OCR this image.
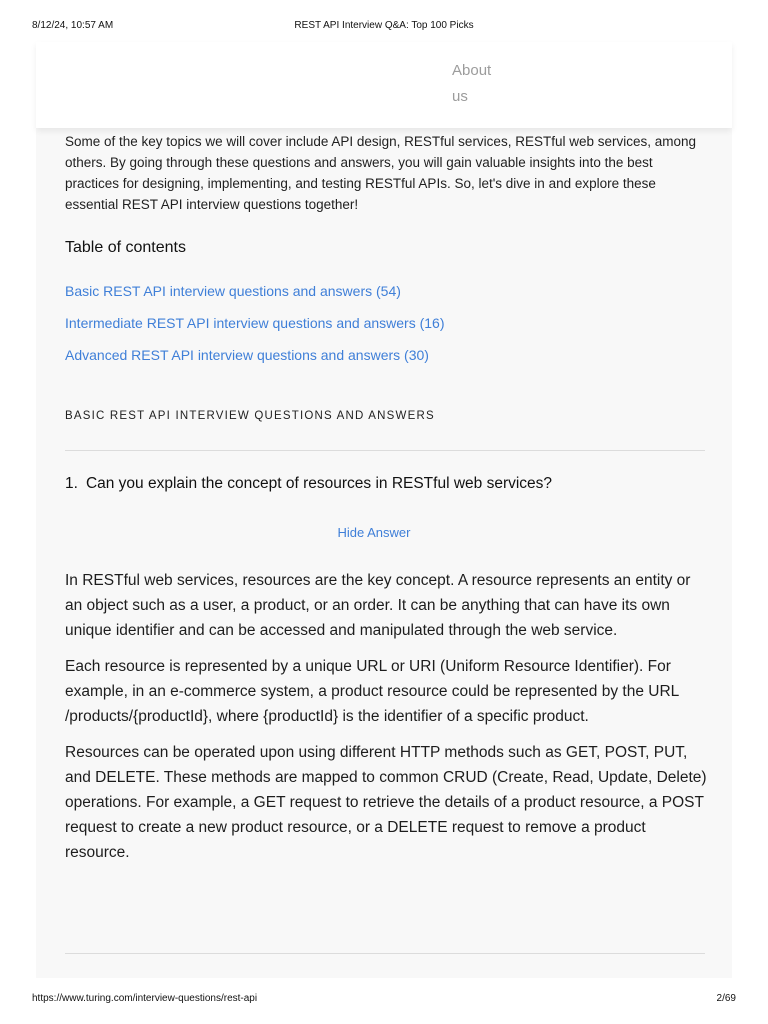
8/12/24, 10:57 AM	REST API Interview Q&A: Top 100 Picks
About
us

Some of the key topics we will cover include API design, RESTful services, RESTful web services, among others. By going through these questions and answers, you will gain valuable insights into the best practices for designing, implementing, and testing RESTful APIs. So, let's dive in and explore these essential REST API interview questions together!

Table of contents
Basic REST API interview questions and answers (54)
Intermediate REST API interview questions and answers (16)
Advanced REST API interview questions and answers (30)
BASIC REST API INTERVIEW QUESTIONS AND ANSWERS
1. Can you explain the concept of resources in RESTful web services?
Hide Answer

In RESTful web services, resources are the key concept. A resource represents an entity or an object such as a user, a product, or an order. It can be anything that can have its own unique identifier and can be accessed and manipulated through the web service.

Each resource is represented by a unique URL or URI (Uniform Resource Identifier). For example, in an e-commerce system, a product resource could be represented by the URL /products/{productId}, where {productId} is the identifier of a specific product.

Resources can be operated upon using different HTTP methods such as GET, POST, PUT, and DELETE. These methods are mapped to common CRUD (Create, Read, Update, Delete) operations. For example, a GET request to retrieve the details of a product resource, a POST request to create a new product resource, or a DELETE request to remove a product resource.

https://www.turing.com/interview-questions/rest-api	2/69
